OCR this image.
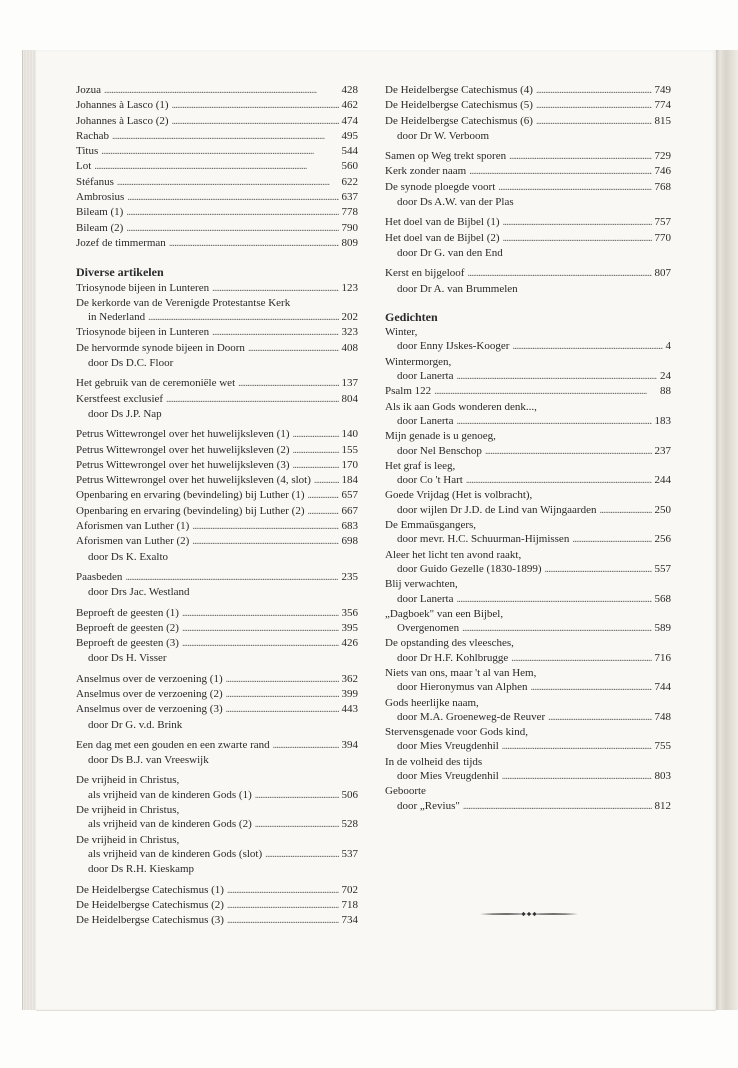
Jozua . . .	428
Johannes à Lasco (1) . . .	462
Johannes à Lasco (2) . . .	474
Rachab . . .	495
Titus . . .	544
Lot . . .	560
Stéfanus . . .	622
Ambrosius . . .	637
Bileam (1) . . .	778
Bileam (2) . . .	790
Jozef de timmerman . . .	809
Diverse artikelen
Triosynode bijeen in Lunteren . . .	123
De kerkorde van de Verenigde Protestantse Kerk
in Nederland . . .	202
Triosynode bijeen in Lunteren . . .	323
De hervormde synode bijeen in Doorn . . .	408
door Ds D.C. Floor
Het gebruik van de ceremoniële wet . . .	137
Kerstfeest exclusief . . .	804
door Ds J.P. Nap
Petrus Wittewrongel over het huwelijksleven (1) . . .	140
Petrus Wittewrongel over het huwelijksleven (2) . . .	155
Petrus Wittewrongel over het huwelijksleven (3) . . .	170
Petrus Wittewrongel over het huwelijksleven (4, slot) . . .	184
Openbaring en ervaring (bevindeling) bij Luther (1) . . .	657
Openbaring en ervaring (bevindeling) bij Luther (2) . . .	667
Aforismen van Luther (1) . . .	683
Aforismen van Luther (2) . . .	698
door Ds K. Exalto
Paasbeden . . .	235
door Drs Jac. Westland
Beproeft de geesten (1) . . .	356
Beproeft de geesten (2) . . .	395
Beproeft de geesten (3) . . .	426
door Ds H. Visser
Anselmus over de verzoening (1) . . .	362
Anselmus over de verzoening (2) . . .	399
Anselmus over de verzoening (3) . . .	443
door Dr G. v.d. Brink
Een dag met een gouden en een zwarte rand . . .	394
door Ds B.J. van Vreeswijk
De vrijheid in Christus,
als vrijheid van de kinderen Gods (1) . . .	506
De vrijheid in Christus,
als vrijheid van de kinderen Gods (2) . . .	528
De vrijheid in Christus,
als vrijheid van de kinderen Gods (slot) . . .	537
door Ds R.H. Kieskamp
De Heidelbergse Catechismus (1) . . .	702
De Heidelbergse Catechismus (2) . . .	718
De Heidelbergse Catechismus (3) . . .	734
De Heidelbergse Catechismus (4) . . .	749
De Heidelbergse Catechismus (5) . . .	774
De Heidelbergse Catechismus (6) . . .	815
door Dr W. Verboom
Samen op Weg trekt sporen . . .	729
Kerk zonder naam . . .	746
De synode ploegde voort . . .	768
door Ds A.W. van der Plas
Het doel van de Bijbel (1) . . .	757
Het doel van de Bijbel (2) . . .	770
door Dr G. van den End
Kerst en bijgeloof . . .	807
door Dr A. van Brummelen
Gedichten
Winter,
door Enny IJskes-Kooger . . .	4
Wintermorgen,
door Lanerta . . .	24
Psalm 122 . . .	88
Als ik aan Gods wonderen denk...,
door Lanerta . . .	183
Mijn genade is u genoeg,
door Nel Benschop . . .	237
Het graf is leeg,
door Co 't Hart . . .	244
Goede Vrijdag (Het is volbracht),
door wijlen Dr J.D. de Lind van Wijngaarden . . .	250
De Emmaüsgangers,
door mevr. H.C. Schuurman-Hijmissen . . .	256
Aleer het licht ten avond raakt,
door Guido Gezelle (1830-1899) . . .	557
Blij verwachten,
door Lanerta . . .	568
„Dagboek" van een Bijbel,
Overgenomen . . .	589
De opstanding des vleesches,
door Dr H.F. Kohlbrugge . . .	716
Niets van ons, maar 't al van Hem,
door Hieronymus van Alphen . . .	744
Gods heerlijke naam,
door M.A. Groeneweg-de Reuver . . .	748
Stervensgenade voor Gods kind,
door Mies Vreugdenhil . . .	755
In de volheid des tijds
door Mies Vreugdenhil . . .	803
Geboorte
door „Revius" . . .	812
